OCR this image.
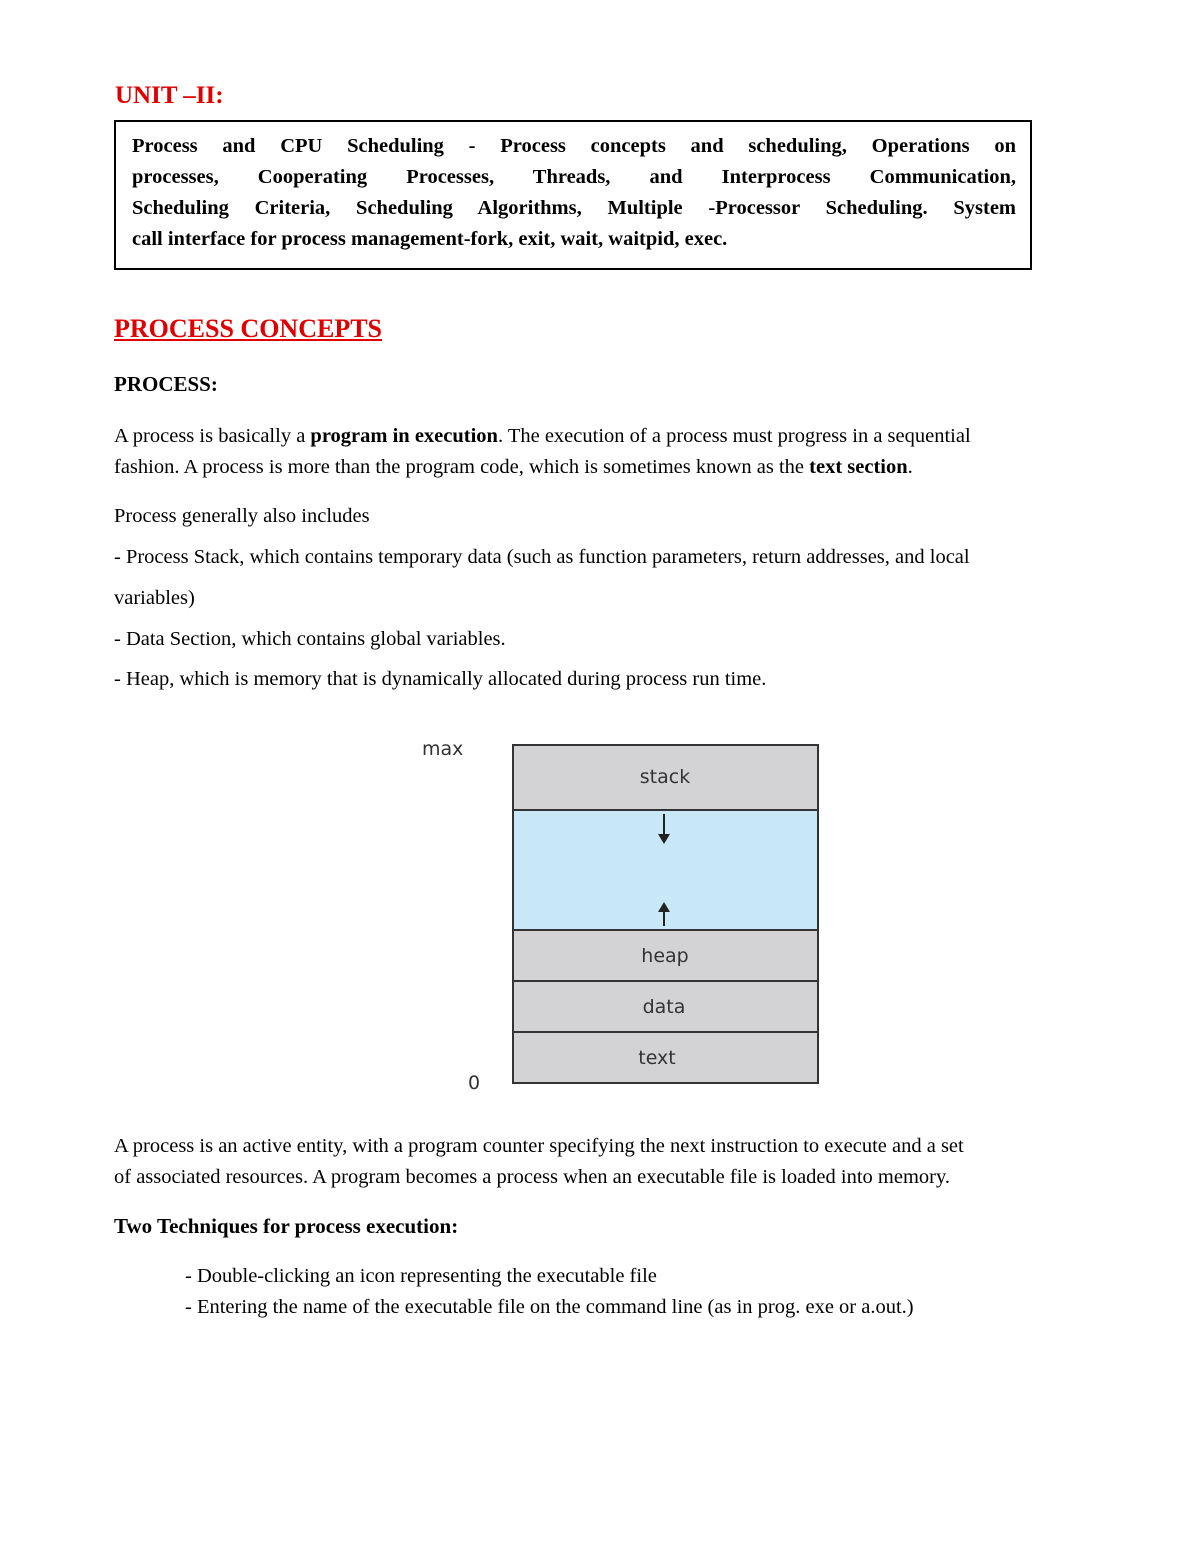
UNIT –II:
Process and CPU Scheduling - Process concepts and scheduling, Operations on
processes, Cooperating Processes, Threads, and Interprocess Communication,
Scheduling Criteria, Scheduling Algorithms, Multiple -Processor Scheduling. System
call interface for process management-fork, exit, wait, waitpid, exec.
PROCESS CONCEPTS
PROCESS:
A process is basically a program in execution. The execution of a process must progress in a sequential
fashion. A process is more than the program code, which is sometimes known as the text section.
Process generally also includes
- Process Stack, which contains temporary data (such as function parameters, return addresses, and local
variables)
- Data Section, which contains global variables.
- Heap, which is memory that is dynamically allocated during process run time.
max
0
stack
heap
data
text
A process is an active entity, with a program counter specifying the next instruction to execute and a set
of associated resources. A program becomes a process when an executable file is loaded into memory.
Two Techniques for process execution:
- Double-clicking an icon representing the executable file
- Entering the name of the executable file on the command line (as in prog. exe or a.out.)
